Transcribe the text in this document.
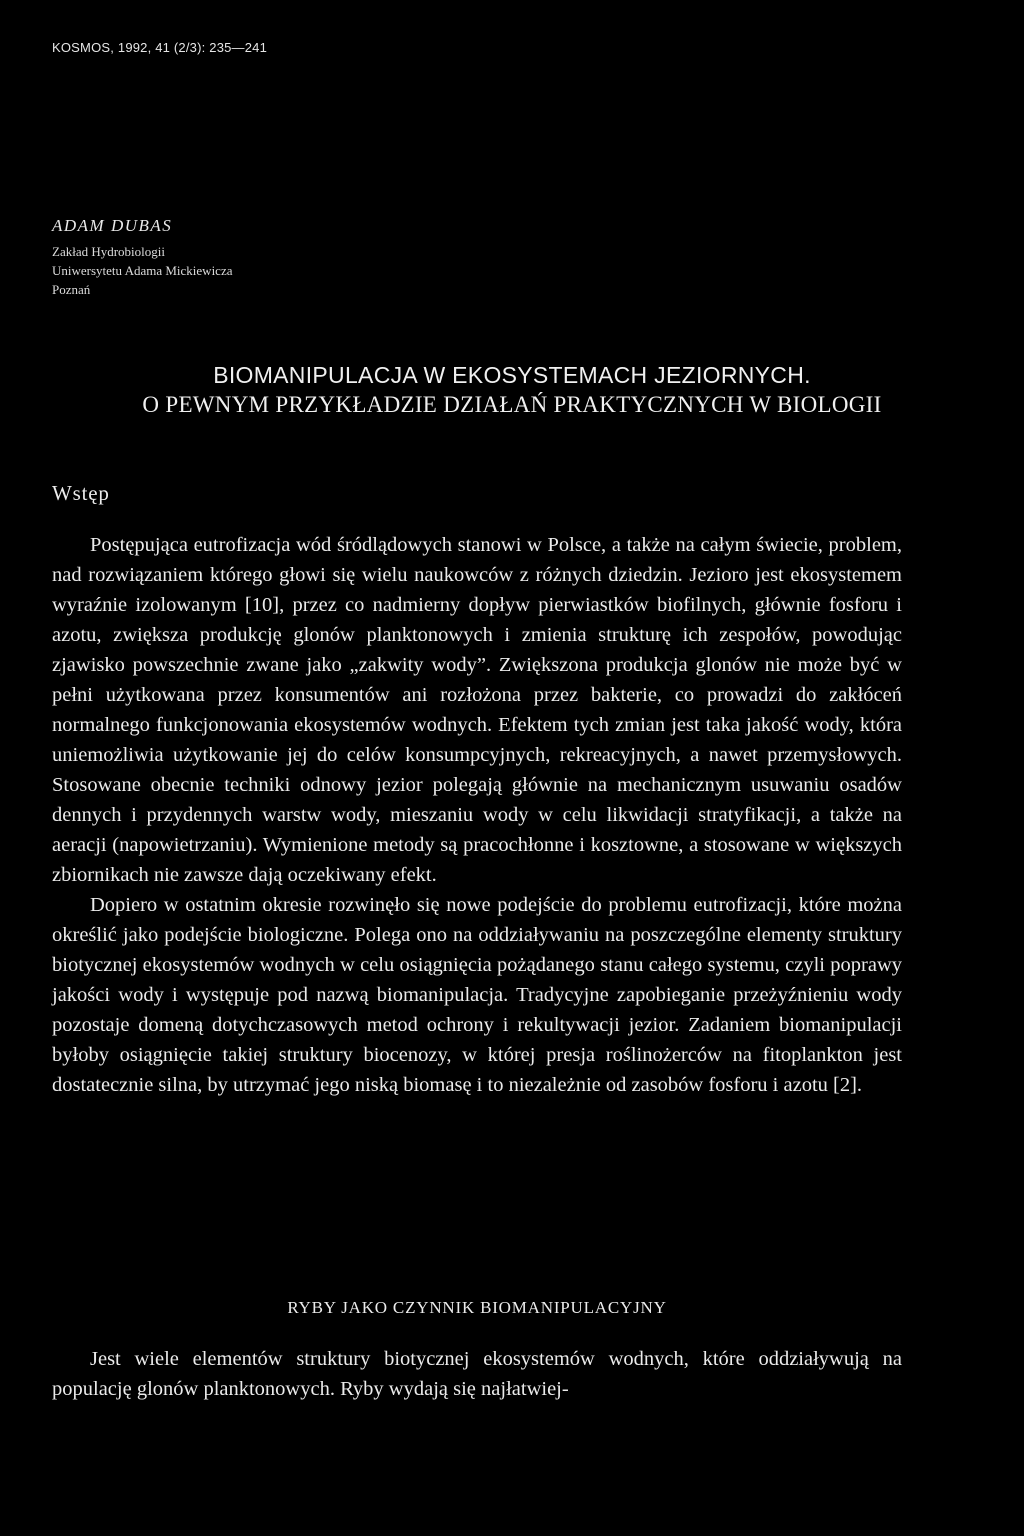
KOSMOS, 1992, 41 (2/3): 235—241
ADAM DUBAS
Zakład Hydrobiologii
Uniwersytetu Adama Mickiewicza
Poznań
BIOMANIPULACJA W EKOSYSTEMACH JEZIORNYCH.
O PEWNYM PRZYKŁADZIE DZIAŁAŃ PRAKTYCZNYCH W BIOLOGII
Wstęp

Postępująca eutrofizacja wód śródlądowych stanowi w Polsce, a także na całym świecie, problem, nad rozwiązaniem którego głowi się wielu naukowców z różnych dziedzin. Jezioro jest ekosystemem wyraźnie izolowanym [10], przez co nadmierny dopływ pierwiastków biofilnych, głównie fosforu i azotu, zwiększa produkcję glonów planktonowych i zmienia strukturę ich zespołów, powodując zjawisko powszechnie zwane jako „zakwity wody”. Zwiększona produkcja glonów nie może być w pełni użytkowana przez konsumentów ani rozłożona przez bakterie, co prowadzi do zakłóceń normalnego funkcjonowania ekosystemów wodnych. Efektem tych zmian jest taka jakość wody, która uniemożliwia użytkowanie jej do celów konsumpcyjnych, rekreacyjnych, a nawet przemysłowych. Stosowane obecnie techniki odnowy jezior polegają głównie na mechanicznym usuwaniu osadów dennych i przydennych warstw wody, mieszaniu wody w celu likwidacji stratyfikacji, a także na aeracji (napowietrzaniu). Wymienione metody są pracochłonne i kosztowne, a stosowane w większych zbiornikach nie zawsze dają oczekiwany efekt.

Dopiero w ostatnim okresie rozwinęło się nowe podejście do problemu eutrofizacji, które można określić jako podejście biologiczne. Polega ono na oddziaływaniu na poszczególne elementy struktury biotycznej ekosystemów wodnych w celu osiągnięcia pożądanego stanu całego systemu, czyli poprawy jakości wody i występuje pod nazwą biomanipulacja. Tradycyjne zapobieganie przeżyźnieniu wody pozostaje domeną dotychczasowych metod ochrony i rekultywacji jezior. Zadaniem biomanipulacji byłoby osiągnięcie takiej struktury biocenozy, w której presja roślinożerców na fitoplankton jest dostatecznie silna, by utrzymać jego niską biomasę i to niezależnie od zasobów fosforu i azotu [2].

RYBY JAKO CZYNNIK BIOMANIPULACYJNY

Jest wiele elementów struktury biotycznej ekosystemów wodnych, które oddziaływują na populację glonów planktonowych. Ryby wydają się najłatwiej-
